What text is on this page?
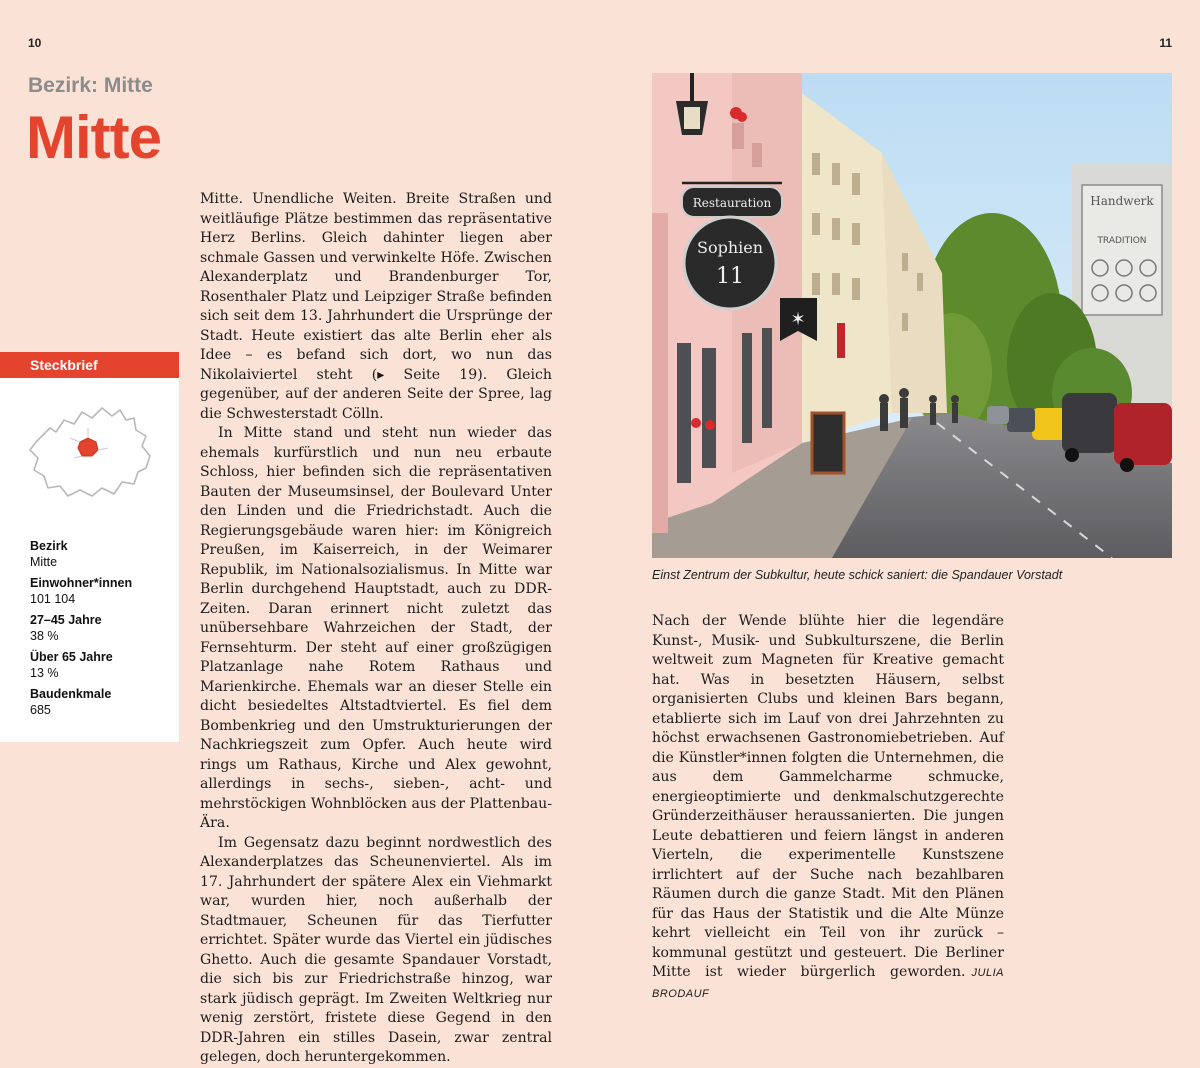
10	11
Bezirk: Mitte
Mitte
Steckbrief
Bezirk
Mitte
Einwohner*innen
101 104
27–45 Jahre
38 %
Über 65 Jahre
13 %
Baudenkmale
685

Mitte. Unendliche Weiten. Breite Straßen und weitläufige Plätze bestimmen das repräsentative Herz Berlins. Gleich dahinter liegen aber schmale Gassen und verwinkelte Höfe. Zwischen Alexanderplatz und Brandenburger Tor, Rosenthaler Platz und Leipziger Straße befinden sich seit dem 13. Jahrhundert die Ursprünge der Stadt. Heute existiert das alte Berlin eher als Idee – es befand sich dort, wo nun das Nikolaiviertel steht (▸ Seite 19). Gleich gegenüber, auf der anderen Seite der Spree, lag die Schwesterstadt Cölln.

In Mitte stand und steht nun wieder das ehemals kurfürstlich und nun neu erbaute Schloss, hier befinden sich die repräsentativen Bauten der Museumsinsel, der Boulevard Unter den Linden und die Friedrichstadt. Auch die Regierungsgebäude waren hier: im Königreich Preußen, im Kaiserreich, in der Weimarer Republik, im Nationalsozialismus. In Mitte war Berlin durchgehend Hauptstadt, auch zu DDR-Zeiten. Daran erinnert nicht zuletzt das unübersehbare Wahrzeichen der Stadt, der Fernsehturm. Der steht auf einer großzügigen Platzanlage nahe Rotem Rathaus und Marienkirche. Ehemals war an dieser Stelle ein dicht besiedeltes Altstadtviertel. Es fiel dem Bombenkrieg und den Umstrukturierungen der Nachkriegszeit zum Opfer. Auch heute wird rings um Rathaus, Kirche und Alex gewohnt, allerdings in sechs-, sieben-, acht- und mehrstöckigen Wohnblöcken aus der Plattenbau-Ära.

Im Gegensatz dazu beginnt nordwestlich des Alexanderplatzes das Scheunenviertel. Als im 17. Jahrhundert der spätere Alex ein Viehmarkt war, wurden hier, noch außerhalb der Stadtmauer, Scheunen für das Tierfutter errichtet. Später wurde das Viertel ein jüdisches Ghetto. Auch die gesamte Spandauer Vorstadt, die sich bis zur Friedrichstraße hinzog, war stark jüdisch geprägt. Im Zweiten Weltkrieg nur wenig zerstört, fristete diese Gegend in den DDR-Jahren ein stilles Dasein, zwar zentral gelegen, doch heruntergekommen.

Handwerk
TRADITION
Restauration
Sophien
11
✶
Einst Zentrum der Subkultur, heute schick saniert: die Spandauer Vorstadt

Nach der Wende blühte hier die legendäre Kunst-, Musik- und Subkulturszene, die Berlin weltweit zum Magneten für Kreative gemacht hat. Was in besetzten Häusern, selbst organisierten Clubs und kleinen Bars begann, etablierte sich im Lauf von drei Jahrzehnten zu höchst erwachsenen Gastronomiebetrieben. Auf die Künstler*innen folgten die Unternehmen, die aus dem Gammelcharme schmucke, energieoptimierte und denkmalschutzgerechte Gründerzeithäuser heraussanierten. Die jungen Leute debattieren und feiern längst in anderen Vierteln, die experimentelle Kunstszene irrlichtert auf der Suche nach bezahlbaren Räumen durch die ganze Stadt. Mit den Plänen für das Haus der Statistik und die Alte Münze kehrt vielleicht ein Teil von ihr zurück – kommunal gestützt und gesteuert. Die Berliner Mitte ist wieder bürgerlich geworden. JULIA BRODAUF
